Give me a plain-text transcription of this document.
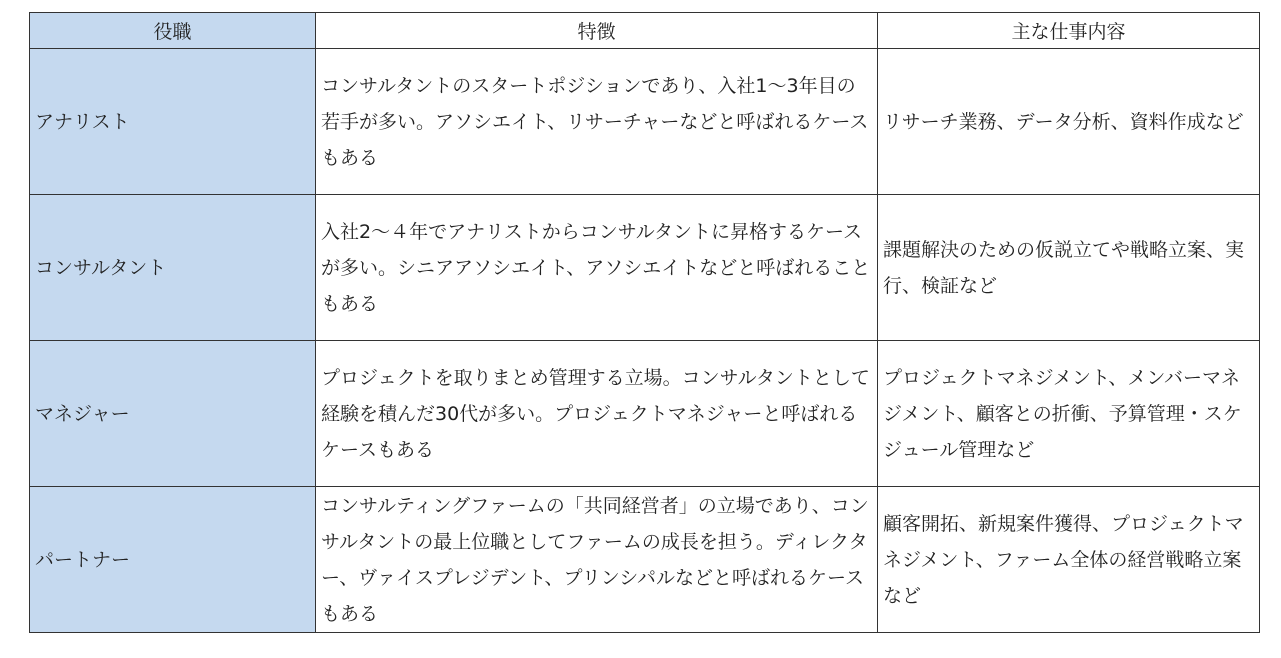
役職	特徴	主な仕事内容

アナリスト	コンサルタントのスタートポジションであり、入社1～3年目の若手が多い。アソシエイト、リサーチャーなどと呼ばれるケースもある	リサーチ業務、データ分析、資料作成など

コンサルタント	入社2～４年でアナリストからコンサルタントに昇格するケースが多い。シニアアソシエイト、アソシエイトなどと呼ばれることもある	課題解決のための仮説立てや戦略立案、実行、検証など

マネジャー	プロジェクトを取りまとめ管理する立場。コンサルタントとして経験を積んだ30代が多い。プロジェクトマネジャーと呼ばれるケースもある	プロジェクトマネジメント、メンバーマネジメント、顧客との折衝、予算管理・スケジュール管理など

パートナー	コンサルティングファームの「共同経営者」の立場であり、コンサルタントの最上位職としてファームの成長を担う。ディレクター、ヴァイスプレジデント、プリンシパルなどと呼ばれるケースもある	顧客開拓、新規案件獲得、プロジェクトマネジメント、ファーム全体の経営戦略立案など
